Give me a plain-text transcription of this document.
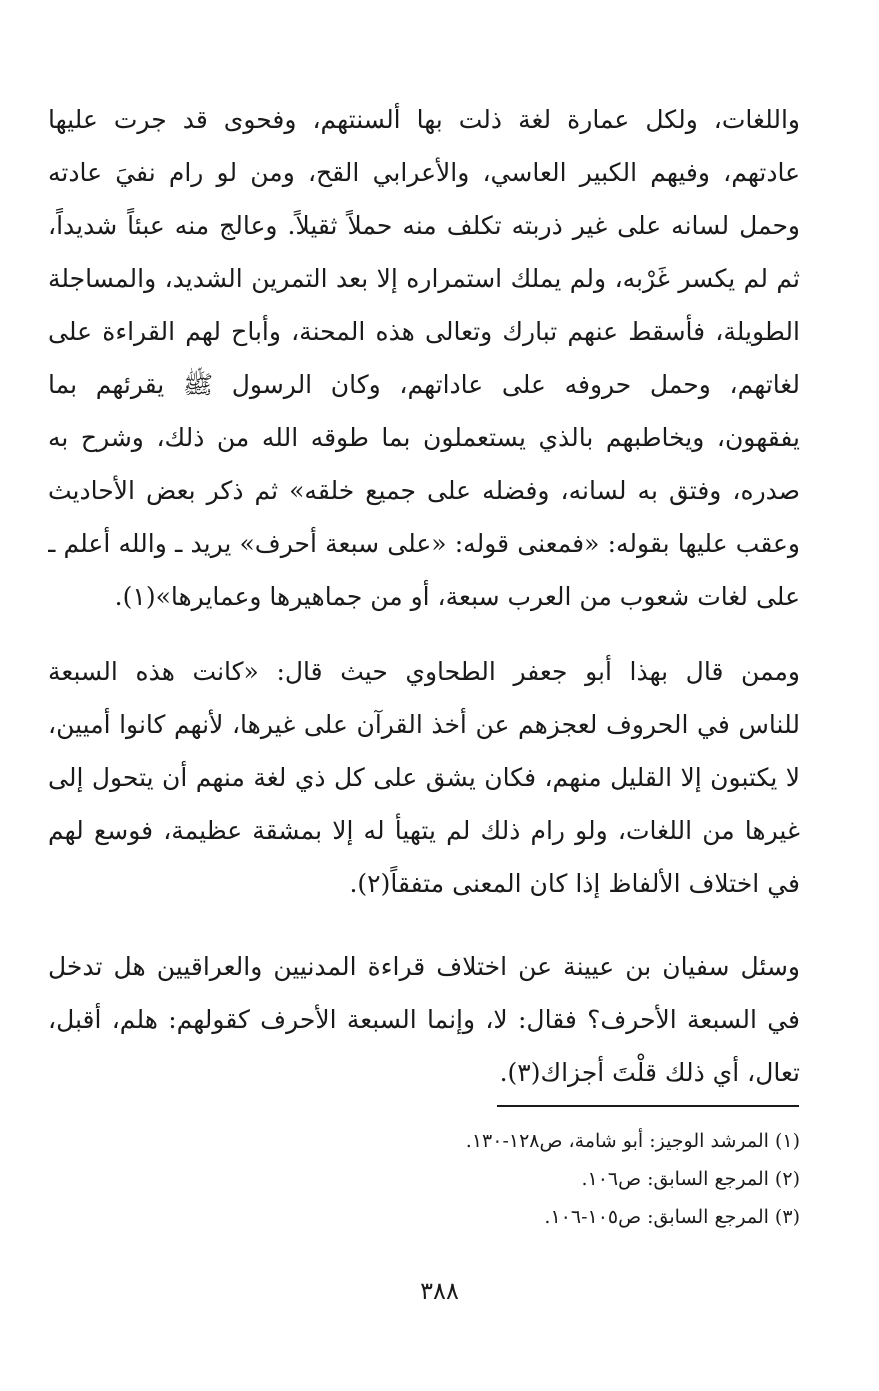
واللغات، ولكل عمارة لغة ذلت بها ألسنتهم، وفحوى قد جرت عليها
عادتهم، وفيهم الكبير العاسي، والأعرابي القح، ومن لو رام نفيَ عادته
وحمل لسانه على غير ذربته تكلف منه حملاً ثقيلاً. وعالج منه عبئاً شديداً،
ثم لم يكسر غَرْبه، ولم يملك استمراره إلا بعد التمرين الشديد، والمساجلة
الطويلة، فأسقط عنهم تبارك وتعالى هذه المحنة، وأباح لهم القراءة على
لغاتهم، وحمل حروفه على عاداتهم، وكان الرسول ﷺ يقرئهم بما
يفقهون، ويخاطبهم بالذي يستعملون بما طوقه الله من ذلك، وشرح به
صدره، وفتق به لسانه، وفضله على جميع خلقه» ثم ذكر بعض الأحاديث
وعقب عليها بقوله: «فمعنى قوله: «على سبعة أحرف» يريد ـ والله أعلم ـ
على لغات شعوب من العرب سبعة، أو من جماهيرها وعمايرها»(١).
وممن قال بهذا أبو جعفر الطحاوي حيث قال: «كانت هذه السبعة
للناس في الحروف لعجزهم عن أخذ القرآن على غيرها، لأنهم كانوا أميين،
لا يكتبون إلا القليل منهم، فكان يشق على كل ذي لغة منهم أن يتحول إلى
غيرها من اللغات، ولو رام ذلك لم يتهيأ له إلا بمشقة عظيمة، فوسع لهم
في اختلاف الألفاظ إذا كان المعنى متفقاً(٢).
وسئل سفيان بن عيينة عن اختلاف قراءة المدنيين والعراقيين هل تدخل
في السبعة الأحرف؟ فقال: لا، وإنما السبعة الأحرف كقولهم: هلم، أقبل،
تعال، أي ذلك قلْتَ أجزاك(٣).
(١) المرشد الوجيز: أبو شامة، ص١٢٨-١٣٠.
(٢) المرجع السابق: ص١٠٦.
(٣) المرجع السابق: ص١٠٥-١٠٦.
٣٨٨
